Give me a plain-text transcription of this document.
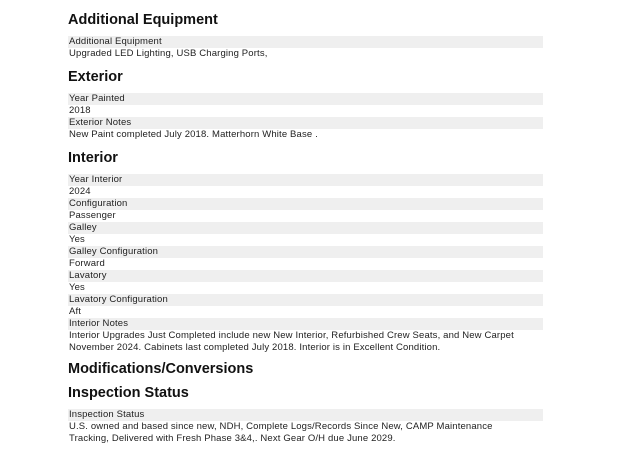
Additional Equipment
Additional Equipment
Upgraded LED Lighting, USB Charging Ports,
Exterior
Year Painted
2018
Exterior Notes
New Paint completed July 2018. Matterhorn White Base .
Interior
Year Interior
2024
Configuration
Passenger
Galley
Yes
Galley Configuration
Forward
Lavatory
Yes
Lavatory Configuration
Aft
Interior Notes
Interior Upgrades Just Completed include new New Interior, Refurbished Crew Seats, and New Carpet
November 2024. Cabinets last completed July 2018. Interior is in Excellent Condition.
Modifications/Conversions
Inspection Status
Inspection Status
U.S. owned and based since new, NDH, Complete Logs/Records Since New, CAMP Maintenance
Tracking, Delivered with Fresh Phase 3&4,. Next Gear O/H due June 2029.
